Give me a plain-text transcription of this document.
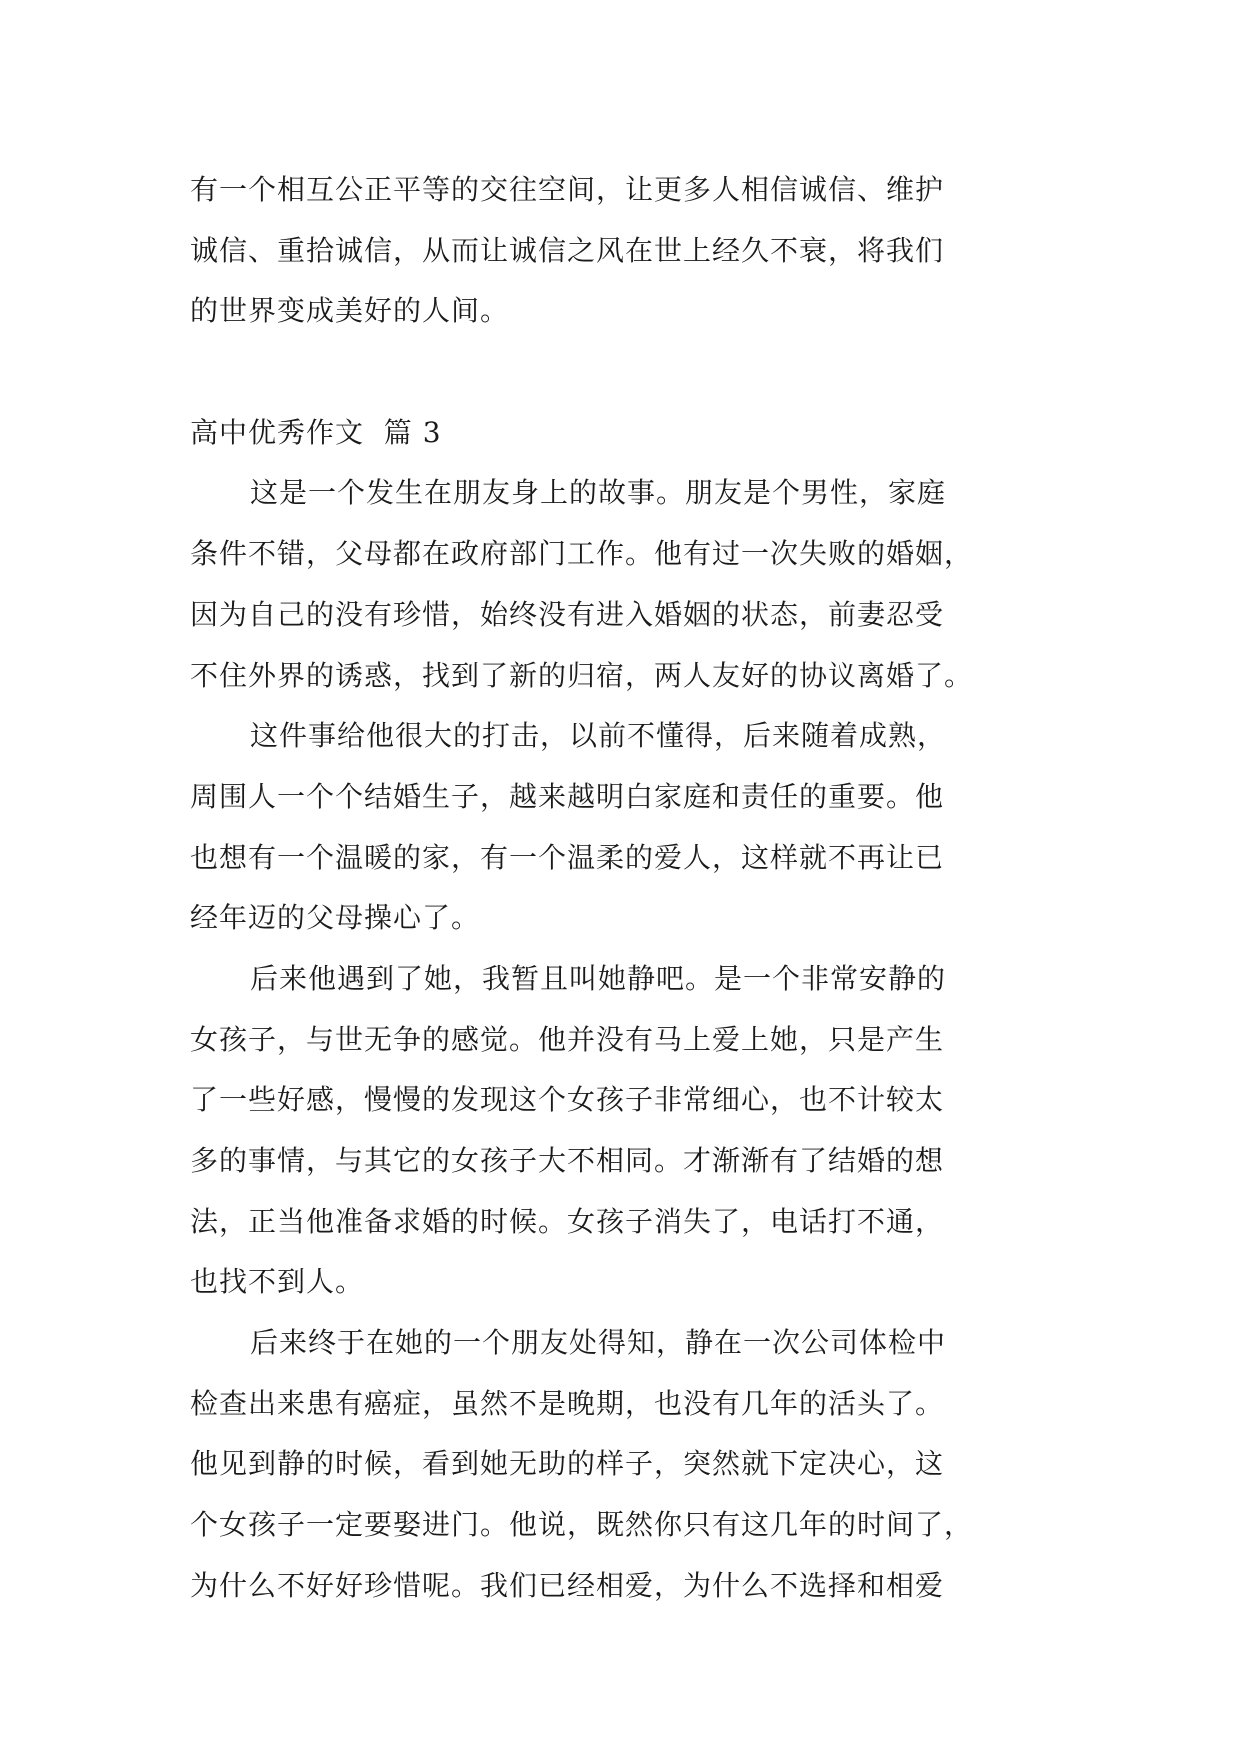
有一个相互公正平等的交往空间，让更多人相信诚信、维护
诚信、重拾诚信，从而让诚信之风在世上经久不衰，将我们
的世界变成美好的人间。
高中优秀作文  篇 3
这是一个发生在朋友身上的故事。朋友是个男性，家庭
条件不错，父母都在政府部门工作。他有过一次失败的婚姻，
因为自己的没有珍惜，始终没有进入婚姻的状态，前妻忍受
不住外界的诱惑，找到了新的归宿，两人友好的协议离婚了。
这件事给他很大的打击，以前不懂得，后来随着成熟，
周围人一个个结婚生子，越来越明白家庭和责任的重要。他
也想有一个温暖的家，有一个温柔的爱人，这样就不再让已
经年迈的父母操心了。
后来他遇到了她，我暂且叫她静吧。是一个非常安静的
女孩子，与世无争的感觉。他并没有马上爱上她，只是产生
了一些好感，慢慢的发现这个女孩子非常细心，也不计较太
多的事情，与其它的女孩子大不相同。才渐渐有了结婚的想
法，正当他准备求婚的时候。女孩子消失了，电话打不通，
也找不到人。
后来终于在她的一个朋友处得知，静在一次公司体检中
检查出来患有癌症，虽然不是晚期，也没有几年的活头了。
他见到静的时候，看到她无助的样子，突然就下定决心，这
个女孩子一定要娶进门。他说，既然你只有这几年的时间了，
为什么不好好珍惜呢。我们已经相爱，为什么不选择和相爱
